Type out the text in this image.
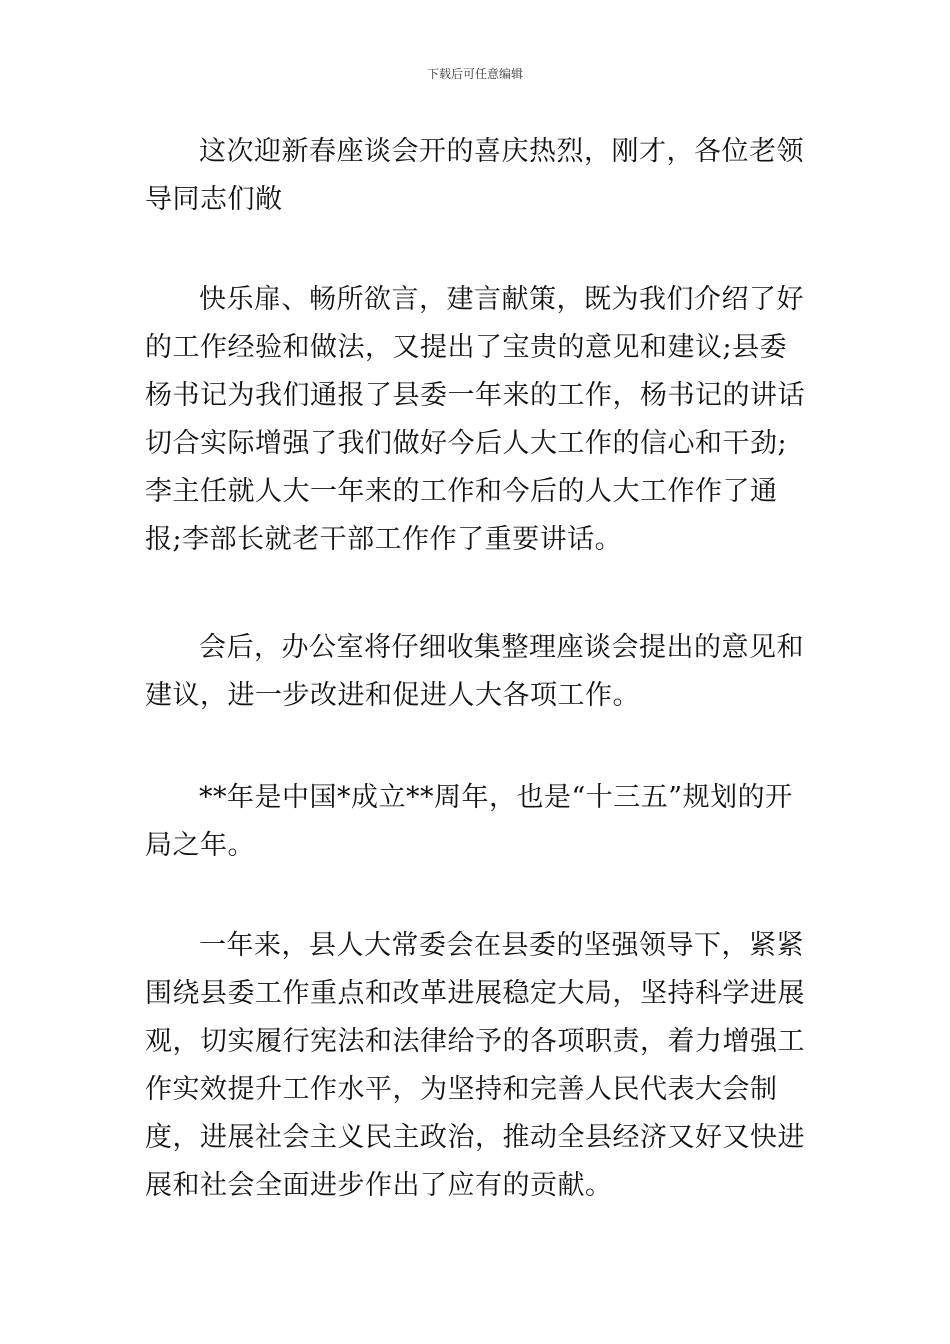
下载后可任意编辑

这次迎新春座谈会开的喜庆热烈，刚才，各位老领导同志们敞

快乐扉、畅所欲言，建言献策，既为我们介绍了好的工作经验和做法，又提出了宝贵的意见和建议;县委杨书记为我们通报了县委一年来的工作，杨书记的讲话切合实际增强了我们做好今后人大工作的信心和干劲;李主任就人大一年来的工作和今后的人大工作作了通报;李部长就老干部工作作了重要讲话。

会后，办公室将仔细收集整理座谈会提出的意见和建议，进一步改进和促进人大各项工作。

**年是中国*成立**周年，也是“十三五”规划的开局之年。

一年来，县人大常委会在县委的坚强领导下，紧紧围绕县委工作重点和改革进展稳定大局，坚持科学进展观，切实履行宪法和法律给予的各项职责，着力增强工作实效提升工作水平，为坚持和完善人民代表大会制度，进展社会主义民主政治，推动全县经济又好又快进展和社会全面进步作出了应有的贡献。
